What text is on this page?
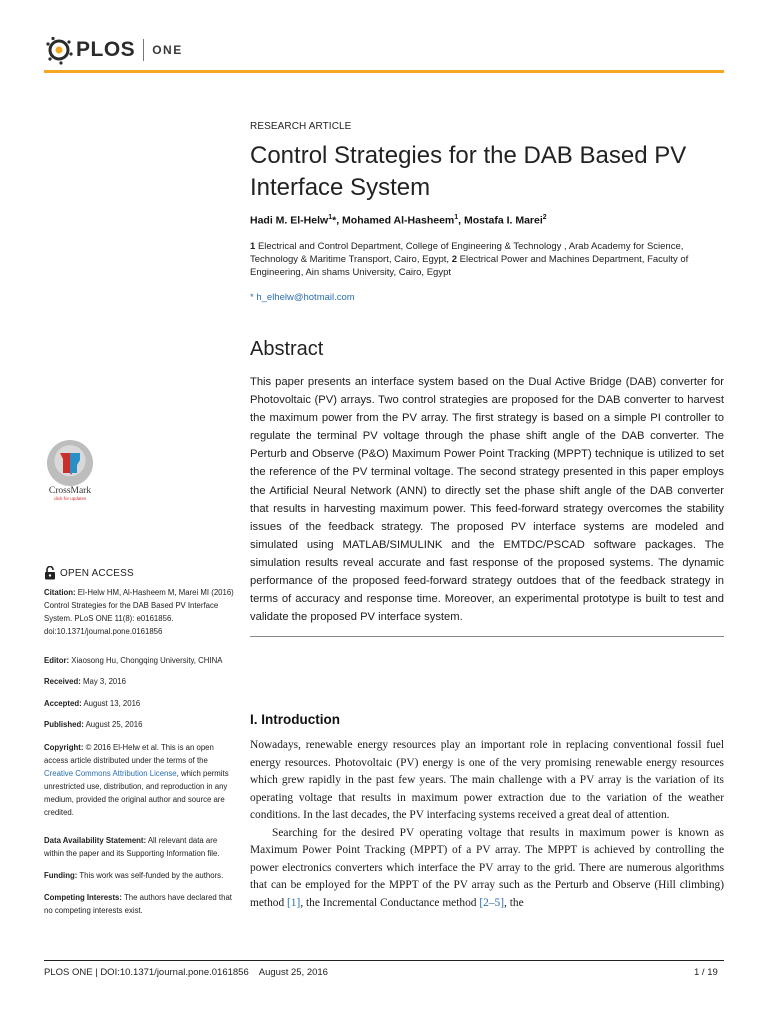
PLOS ONE
RESEARCH ARTICLE
Control Strategies for the DAB Based PV Interface System
Hadi M. El-Helw$^1$*, Mohamed Al-Hasheem$^1$, Mostafa I. Marei$^2$
1 Electrical and Control Department, College of Engineering & Technology , Arab Academy for Science, Technology & Maritime Transport, Cairo, Egypt, 2 Electrical Power and Machines Department, Faculty of Engineering, Ain shams University, Cairo, Egypt
* h_elhelw@hotmail.com
Abstract
This paper presents an interface system based on the Dual Active Bridge (DAB) converter for Photovoltaic (PV) arrays. Two control strategies are proposed for the DAB converter to harvest the maximum power from the PV array. The first strategy is based on a simple PI controller to regulate the terminal PV voltage through the phase shift angle of the DAB converter. The Perturb and Observe (P&O) Maximum Power Point Tracking (MPPT) technique is utilized to set the reference of the PV terminal voltage. The second strategy presented in this paper employs the Artificial Neural Network (ANN) to directly set the phase shift angle of the DAB converter that results in harvesting maximum power. This feed-forward strategy overcomes the stability issues of the feedback strategy. The proposed PV interface systems are modeled and simulated using MATLAB/SIMULINK and the EMTDC/PSCAD software packages. The simulation results reveal accurate and fast response of the proposed systems. The dynamic performance of the proposed feed-forward strategy outdoes that of the feedback strategy in terms of accuracy and response time. Moreover, an experimental prototype is built to test and validate the proposed PV interface system.
CrossMark
click for updates
OPEN ACCESS
Citation: El-Helw HM, Al-Hasheem M, Marei MI (2016) Control Strategies for the DAB Based PV Interface System. PLoS ONE 11(8): e0161856. doi:10.1371/journal.pone.0161856
Editor: Xiaosong Hu, Chongqing University, CHINA
Received: May 3, 2016
Accepted: August 13, 2016
Published: August 25, 2016
Copyright: © 2016 El-Helw et al. This is an open access article distributed under the terms of the Creative Commons Attribution License, which permits unrestricted use, distribution, and reproduction in any medium, provided the original author and source are credited.
Data Availability Statement: All relevant data are within the paper and its Supporting Information file.
Funding: This work was self-funded by the authors.
Competing Interests: The authors have declared that no competing interests exist.
I. Introduction

Nowadays, renewable energy resources play an important role in replacing conventional fossil fuel energy resources. Photovoltaic (PV) energy is one of the very promising renewable energy resources which grew rapidly in the past few years. The main challenge with a PV array is the variation of its operating voltage that results in maximum power extraction due to the variation of the weather conditions. In the last decades, the PV interfacing systems received a great deal of attention.

Searching for the desired PV operating voltage that results in maximum power is known as Maximum Power Point Tracking (MPPT) of a PV array. The MPPT is achieved by controlling the power electronics converters which interface the PV array to the grid. There are numerous algorithms that can be employed for the MPPT of the PV array such as the Perturb and Observe (Hill climbing) method [1], the Incremental Conductance method [2–5], the

PLOS ONE | DOI:10.1371/journal.pone.0161856    August 25, 2016	1 / 19
